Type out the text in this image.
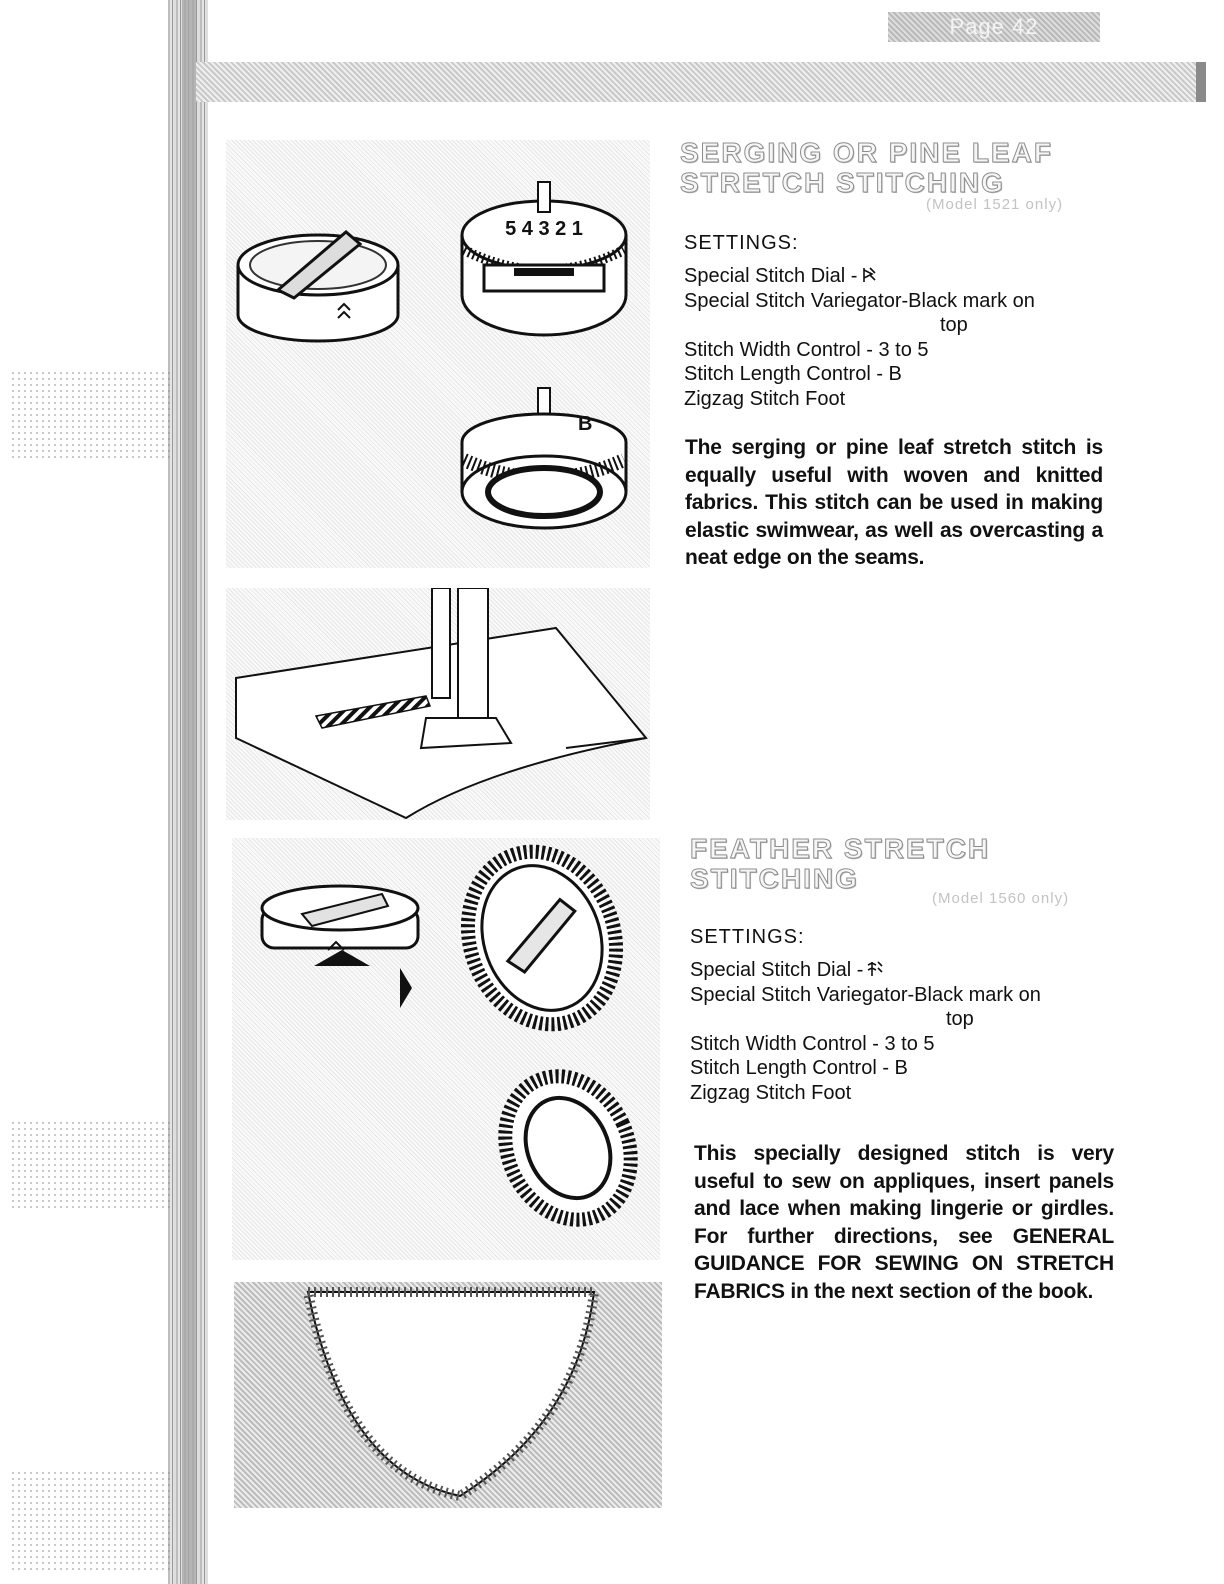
Page 42
5 4 3 2 1
B
SERGING OR PINE LEAF
STRETCH STITCHING
(Model 1521 only)
SETTINGS:
Special Stitch Dial -
Special Stitch Variegator-Black mark on
top
Stitch Width Control - 3 to 5
Stitch Length Control - B
Zigzag Stitch Foot

The serging or pine leaf stretch stitch is equally useful with woven and knitted fabrics. This stitch can be used in making elastic swimwear, as well as overcasting a neat edge on the seams.

FEATHER STRETCH
STITCHING
(Model 1560 only)
SETTINGS:
Special Stitch Dial -
Special Stitch Variegator-Black mark on
top
Stitch Width Control - 3 to 5
Stitch Length Control - B
Zigzag Stitch Foot

This specially designed stitch is very useful to sew on appliques, insert panels and lace when making lingerie or girdles. For further directions, see GENERAL GUIDANCE FOR SEWING ON STRETCH FABRICS in the next section of the book.
